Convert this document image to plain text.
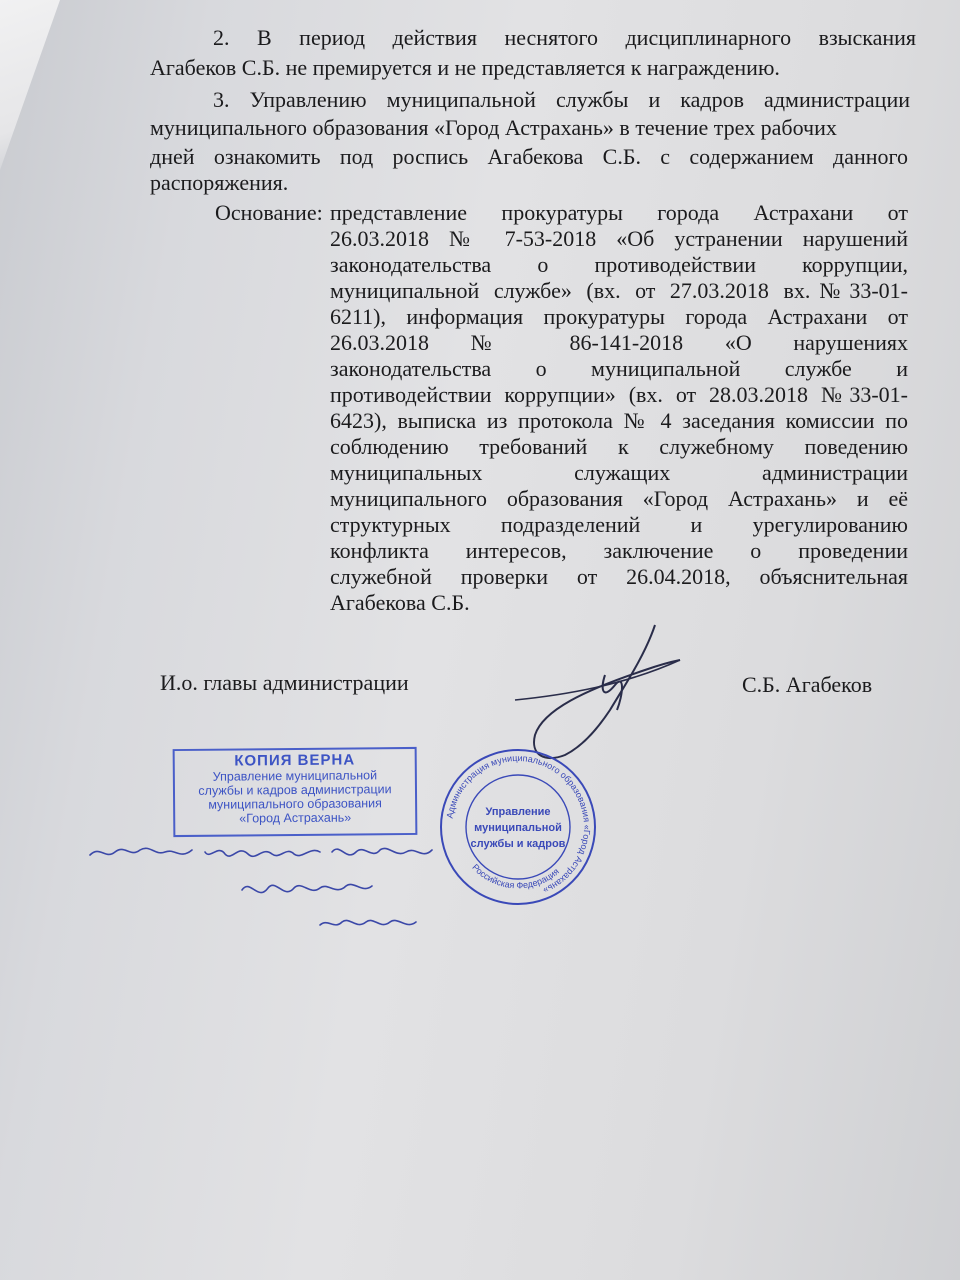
2. В период действия неснятого дисциплинарного взыскания
Агабеков С.Б. не премируется и не представляется к награждению.
3. Управлению муниципальной службы и кадров администрации
муниципального образования «Город Астрахань» в течение трех рабочих
дней ознакомить под роспись Агабекова С.Б. с содержанием данного
распоряжения.
Основание: представление прокуратуры города Астрахани от
26.03.2018 № 7-53-2018 «Об устранении нарушений
законодательства о противодействии коррупции,
муниципальной службе» (вх. от 27.03.2018 вх.№33-01-
6211), информация прокуратуры города Астрахани от
26.03.2018 № 86-141-2018 «О нарушениях
законодательства о муниципальной службе и
противодействии коррупции» (вх. от 28.03.2018 №33-01-
6423), выписка из протокола № 4 заседания комиссии по
соблюдению требований к служебному поведению
муниципальных служащих администрации
муниципального образования «Город Астрахань» и её
структурных подразделений и урегулированию
конфликта интересов, заключение о проведении
служебной проверки от 26.04.2018, объяснительная
Агабекова С.Б.
И.о. главы администрации	С.Б. Агабеков
КОПИЯ ВЕРНА
Управление муниципальной
службы и кадров администрации
муниципального образования
«Город Астрахань»	Администрация муниципального образования «Город Астрахань»
Российская Федерация
Управление
муниципальной
службы и кадров
